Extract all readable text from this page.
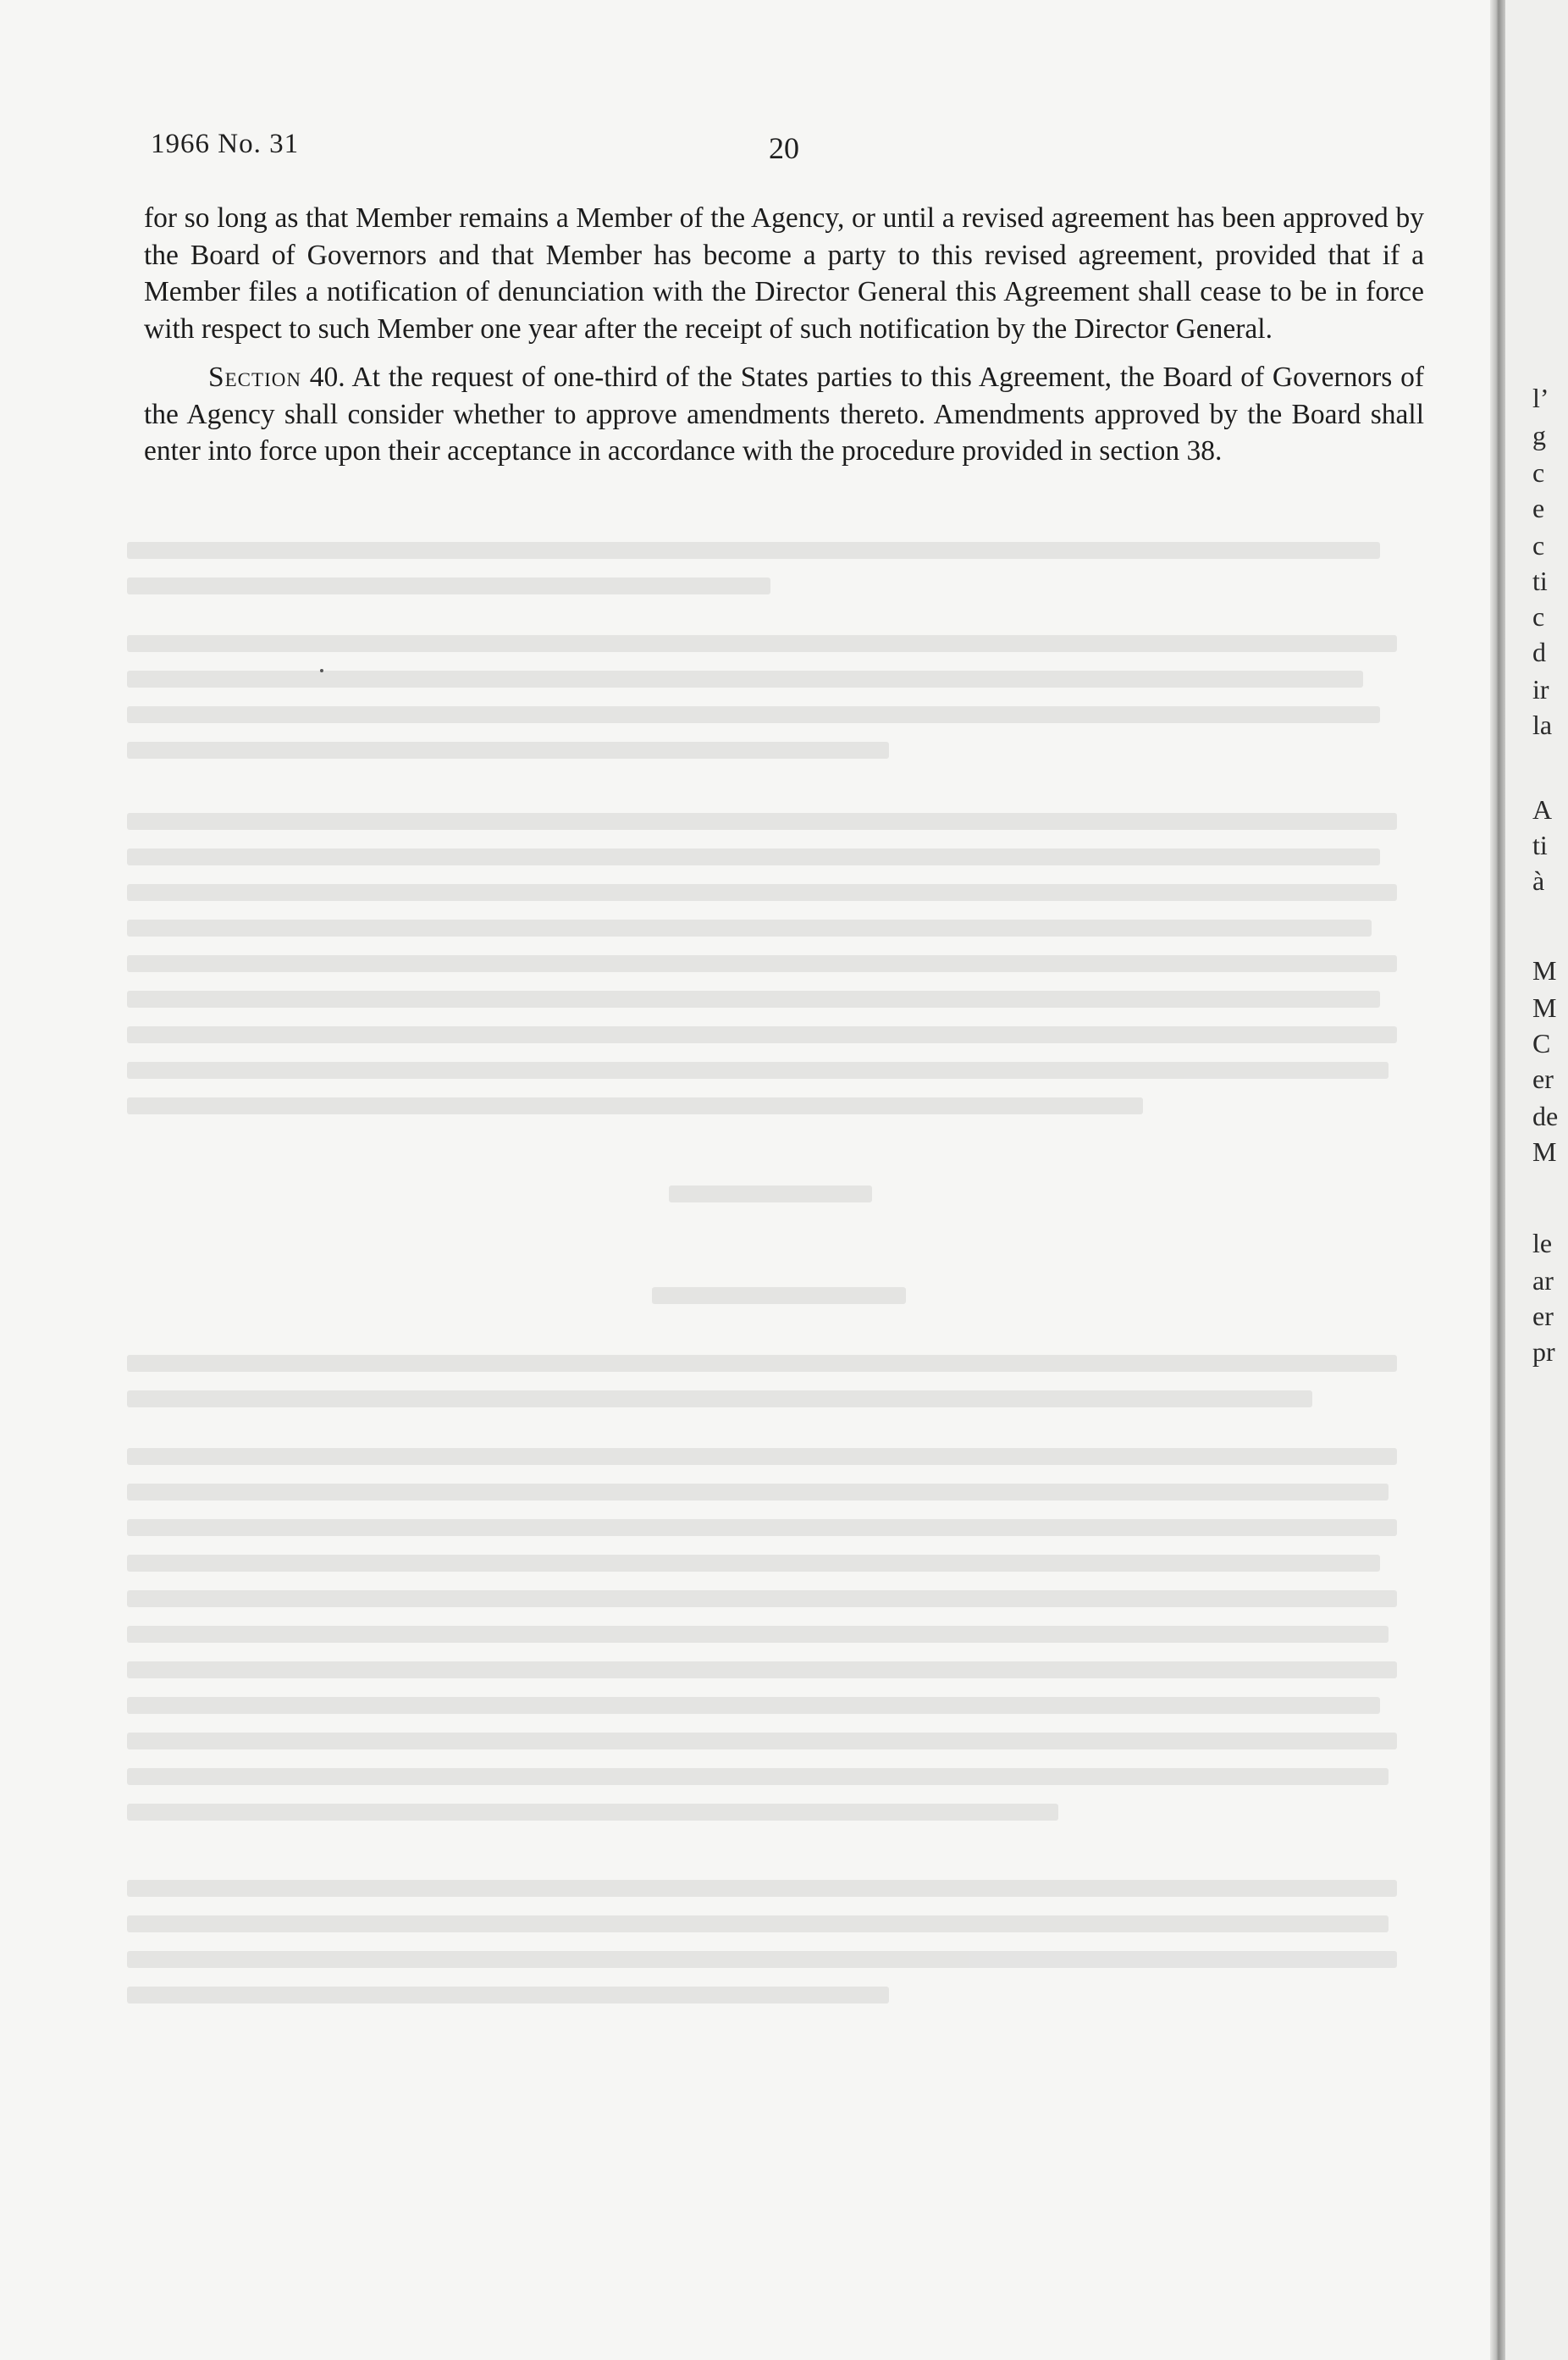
1966 No. 31	20

for so long as that Member remains a Member of the Agency, or until a revised agreement has been approved by the Board of Governors and that Member has become a party to this revised agreement, provided that if a Member files a notification of denunciation with the Director General this Agreement shall cease to be in force with respect to such Member one year after the receipt of such notification by the Director General.

Section 40. At the request of one-third of the States parties to this Agreement, the Board of Governors of the Agency shall consider whether to approve amendments thereto. Amendments approved by the Board shall enter into force upon their acceptance in accordance with the procedure provided in section 38.

l’
g
c
e
c
ti
c
d
ir
la
A
ti
à
M
M
C
er
de
M
le
ar
er
pr
